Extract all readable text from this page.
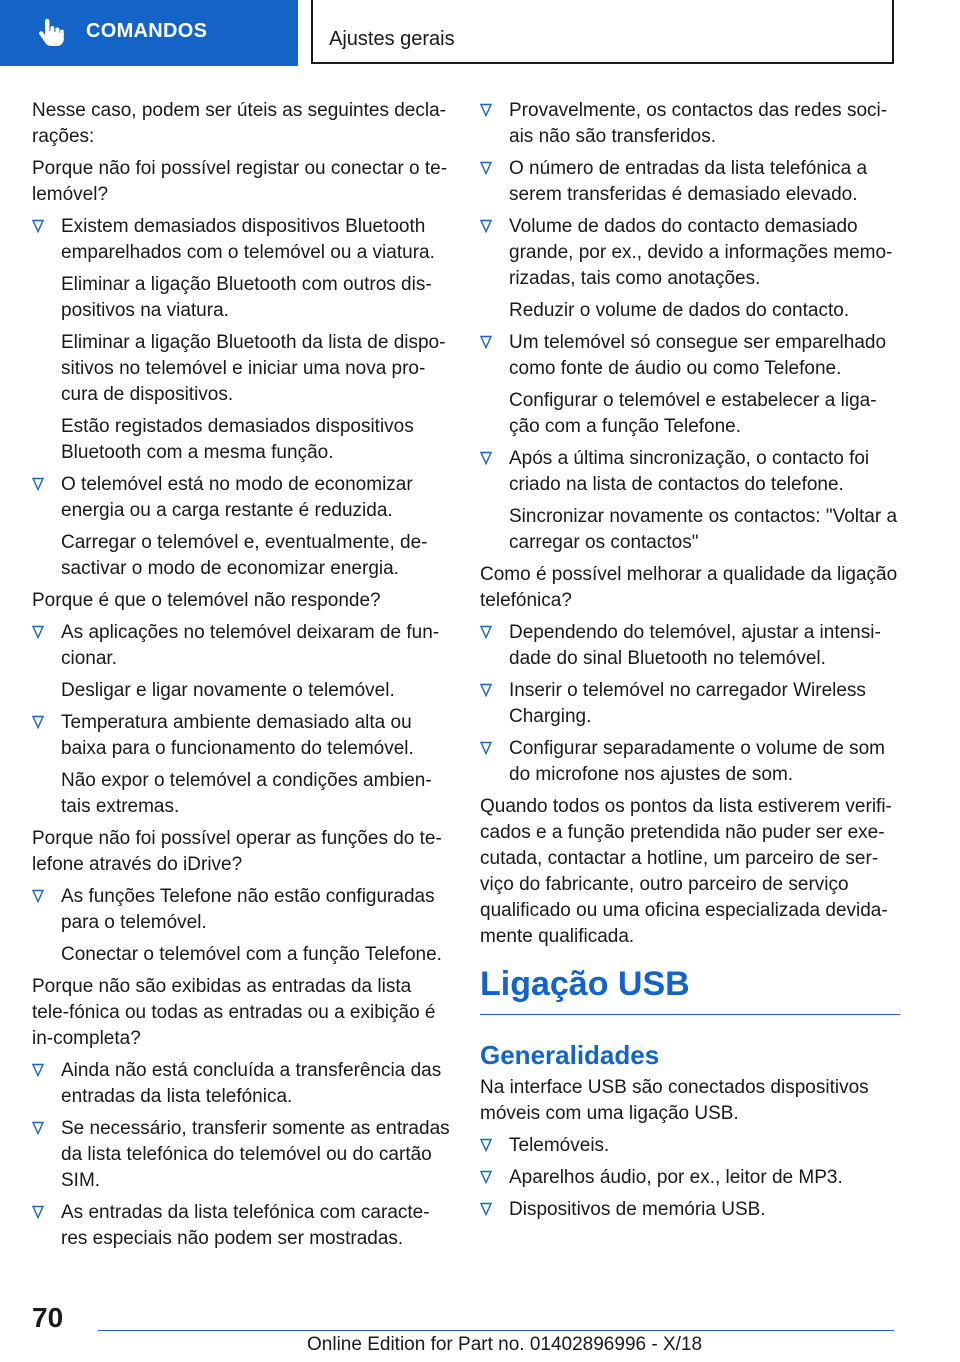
COMANDOS	Ajustes gerais

Nesse caso, podem ser úteis as seguintes decla-rações:

Porque não foi possível registar ou conectar o te-lemóvel?

Existem demasiados dispositivos Bluetooth emparelhados com o telemóvel ou a viatura.

Eliminar a ligação Bluetooth com outros dis-positivos na viatura.

Eliminar a ligação Bluetooth da lista de dispo-sitivos no telemóvel e iniciar uma nova pro-cura de dispositivos.

Estão registados demasiados dispositivos Bluetooth com a mesma função.

O telemóvel está no modo de economizar energia ou a carga restante é reduzida.

Carregar o telemóvel e, eventualmente, de-sactivar o modo de economizar energia.

Porque é que o telemóvel não responde?

As aplicações no telemóvel deixaram de fun-cionar.

Desligar e ligar novamente o telemóvel.

Temperatura ambiente demasiado alta ou baixa para o funcionamento do telemóvel.

Não expor o telemóvel a condições ambien-tais extremas.

Porque não foi possível operar as funções do te-lefone através do iDrive?

As funções Telefone não estão configuradas para o telemóvel.

Conectar o telemóvel com a função Telefone.

Porque não são exibidas as entradas da lista tele-fónica ou todas as entradas ou a exibição é in-completa?

Ainda não está concluída a transferência das entradas da lista telefónica.
Se necessário, transferir somente as entradas da lista telefónica do telemóvel ou do cartão SIM.
As entradas da lista telefónica com caracte-res especiais não podem ser mostradas.
Provavelmente, os contactos das redes soci-ais não são transferidos.
O número de entradas da lista telefónica a serem transferidas é demasiado elevado.
Volume de dados do contacto demasiado grande, por ex., devido a informações memo-rizadas, tais como anotações.

Reduzir o volume de dados do contacto.

Um telemóvel só consegue ser emparelhado como fonte de áudio ou como Telefone.

Configurar o telemóvel e estabelecer a liga-ção com a função Telefone.

Após a última sincronização, o contacto foi criado na lista de contactos do telefone.

Sincronizar novamente os contactos: "Voltar a carregar os contactos"

Como é possível melhorar a qualidade da ligação telefónica?

Dependendo do telemóvel, ajustar a intensi-dade do sinal Bluetooth no telemóvel.
Inserir o telemóvel no carregador Wireless Charging.
Configurar separadamente o volume de som do microfone nos ajustes de som.

Quando todos os pontos da lista estiverem verifi-cados e a função pretendida não puder ser exe-cutada, contactar a hotline, um parceiro de ser-viço do fabricante, outro parceiro de serviço qualificado ou uma oficina especializada devida-mente qualificada.

Ligação USB
Generalidades

Na interface USB são conectados dispositivos móveis com uma ligação USB.

Telemóveis.
Aparelhos áudio, por ex., leitor de MP3.
Dispositivos de memória USB.
70
Online Edition for Part no. 01402896996 - X/18
